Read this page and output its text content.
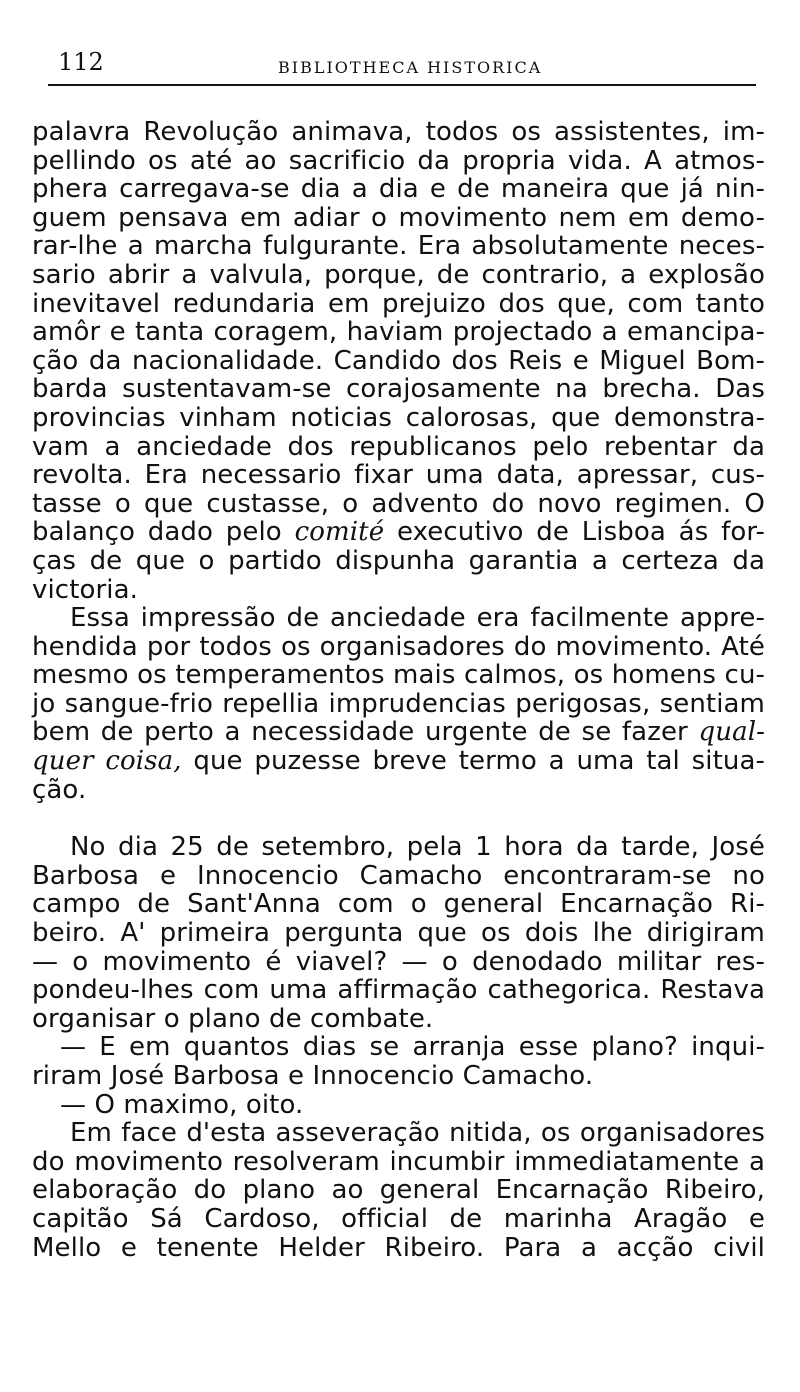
112	BIBLIOTHECA HISTORICA
palavra Revolução animava, todos os assistentes, im-
pellindo os até ao sacrificio da propria vida. A atmos-
phera carregava-se dia a dia e de maneira que já nin-
guem pensava em adiar o movimento nem em demo-
rar-lhe a marcha fulgurante. Era absolutamente neces-
sario abrir a valvula, porque, de contrario, a explosão
inevitavel redundaria em prejuizo dos que, com tanto
amôr e tanta coragem, haviam projectado a emancipa-
ção da nacionalidade. Candido dos Reis e Miguel Bom-
barda sustentavam-se corajosamente na brecha. Das
provincias vinham noticias calorosas, que demonstra-
vam a anciedade dos republicanos pelo rebentar da
revolta. Era necessario fixar uma data, apressar, cus-
tasse o que custasse, o advento do novo regimen. O
balanço dado pelo comité executivo de Lisboa ás for-
ças de que o partido dispunha garantia a certeza da
victoria.
Essa impressão de anciedade era facilmente appre-
hendida por todos os organisadores do movimento. Até
mesmo os temperamentos mais calmos, os homens cu-
jo sangue-frio repellia imprudencias perigosas, sentiam
bem de perto a necessidade urgente de se fazer qual-
quer coisa, que puzesse breve termo a uma tal situa-
ção.
No dia 25 de setembro, pela 1 hora da tarde, José
Barbosa e Innocencio Camacho encontraram-se no
campo de Sant'Anna com o general Encarnação Ri-
beiro. A' primeira pergunta que os dois lhe dirigiram
— o movimento é viavel? — o denodado militar res-
pondeu-lhes com uma affirmação cathegorica. Restava
organisar o plano de combate.
— E em quantos dias se arranja esse plano? inqui-
riram José Barbosa e Innocencio Camacho.
— O maximo, oito.
Em face d'esta asseveração nitida, os organisadores
do movimento resolveram incumbir immediatamente a
elaboração do plano ao general Encarnação Ribeiro,
capitão Sá Cardoso, official de marinha Aragão e
Mello e tenente Helder Ribeiro. Para a acção civil
